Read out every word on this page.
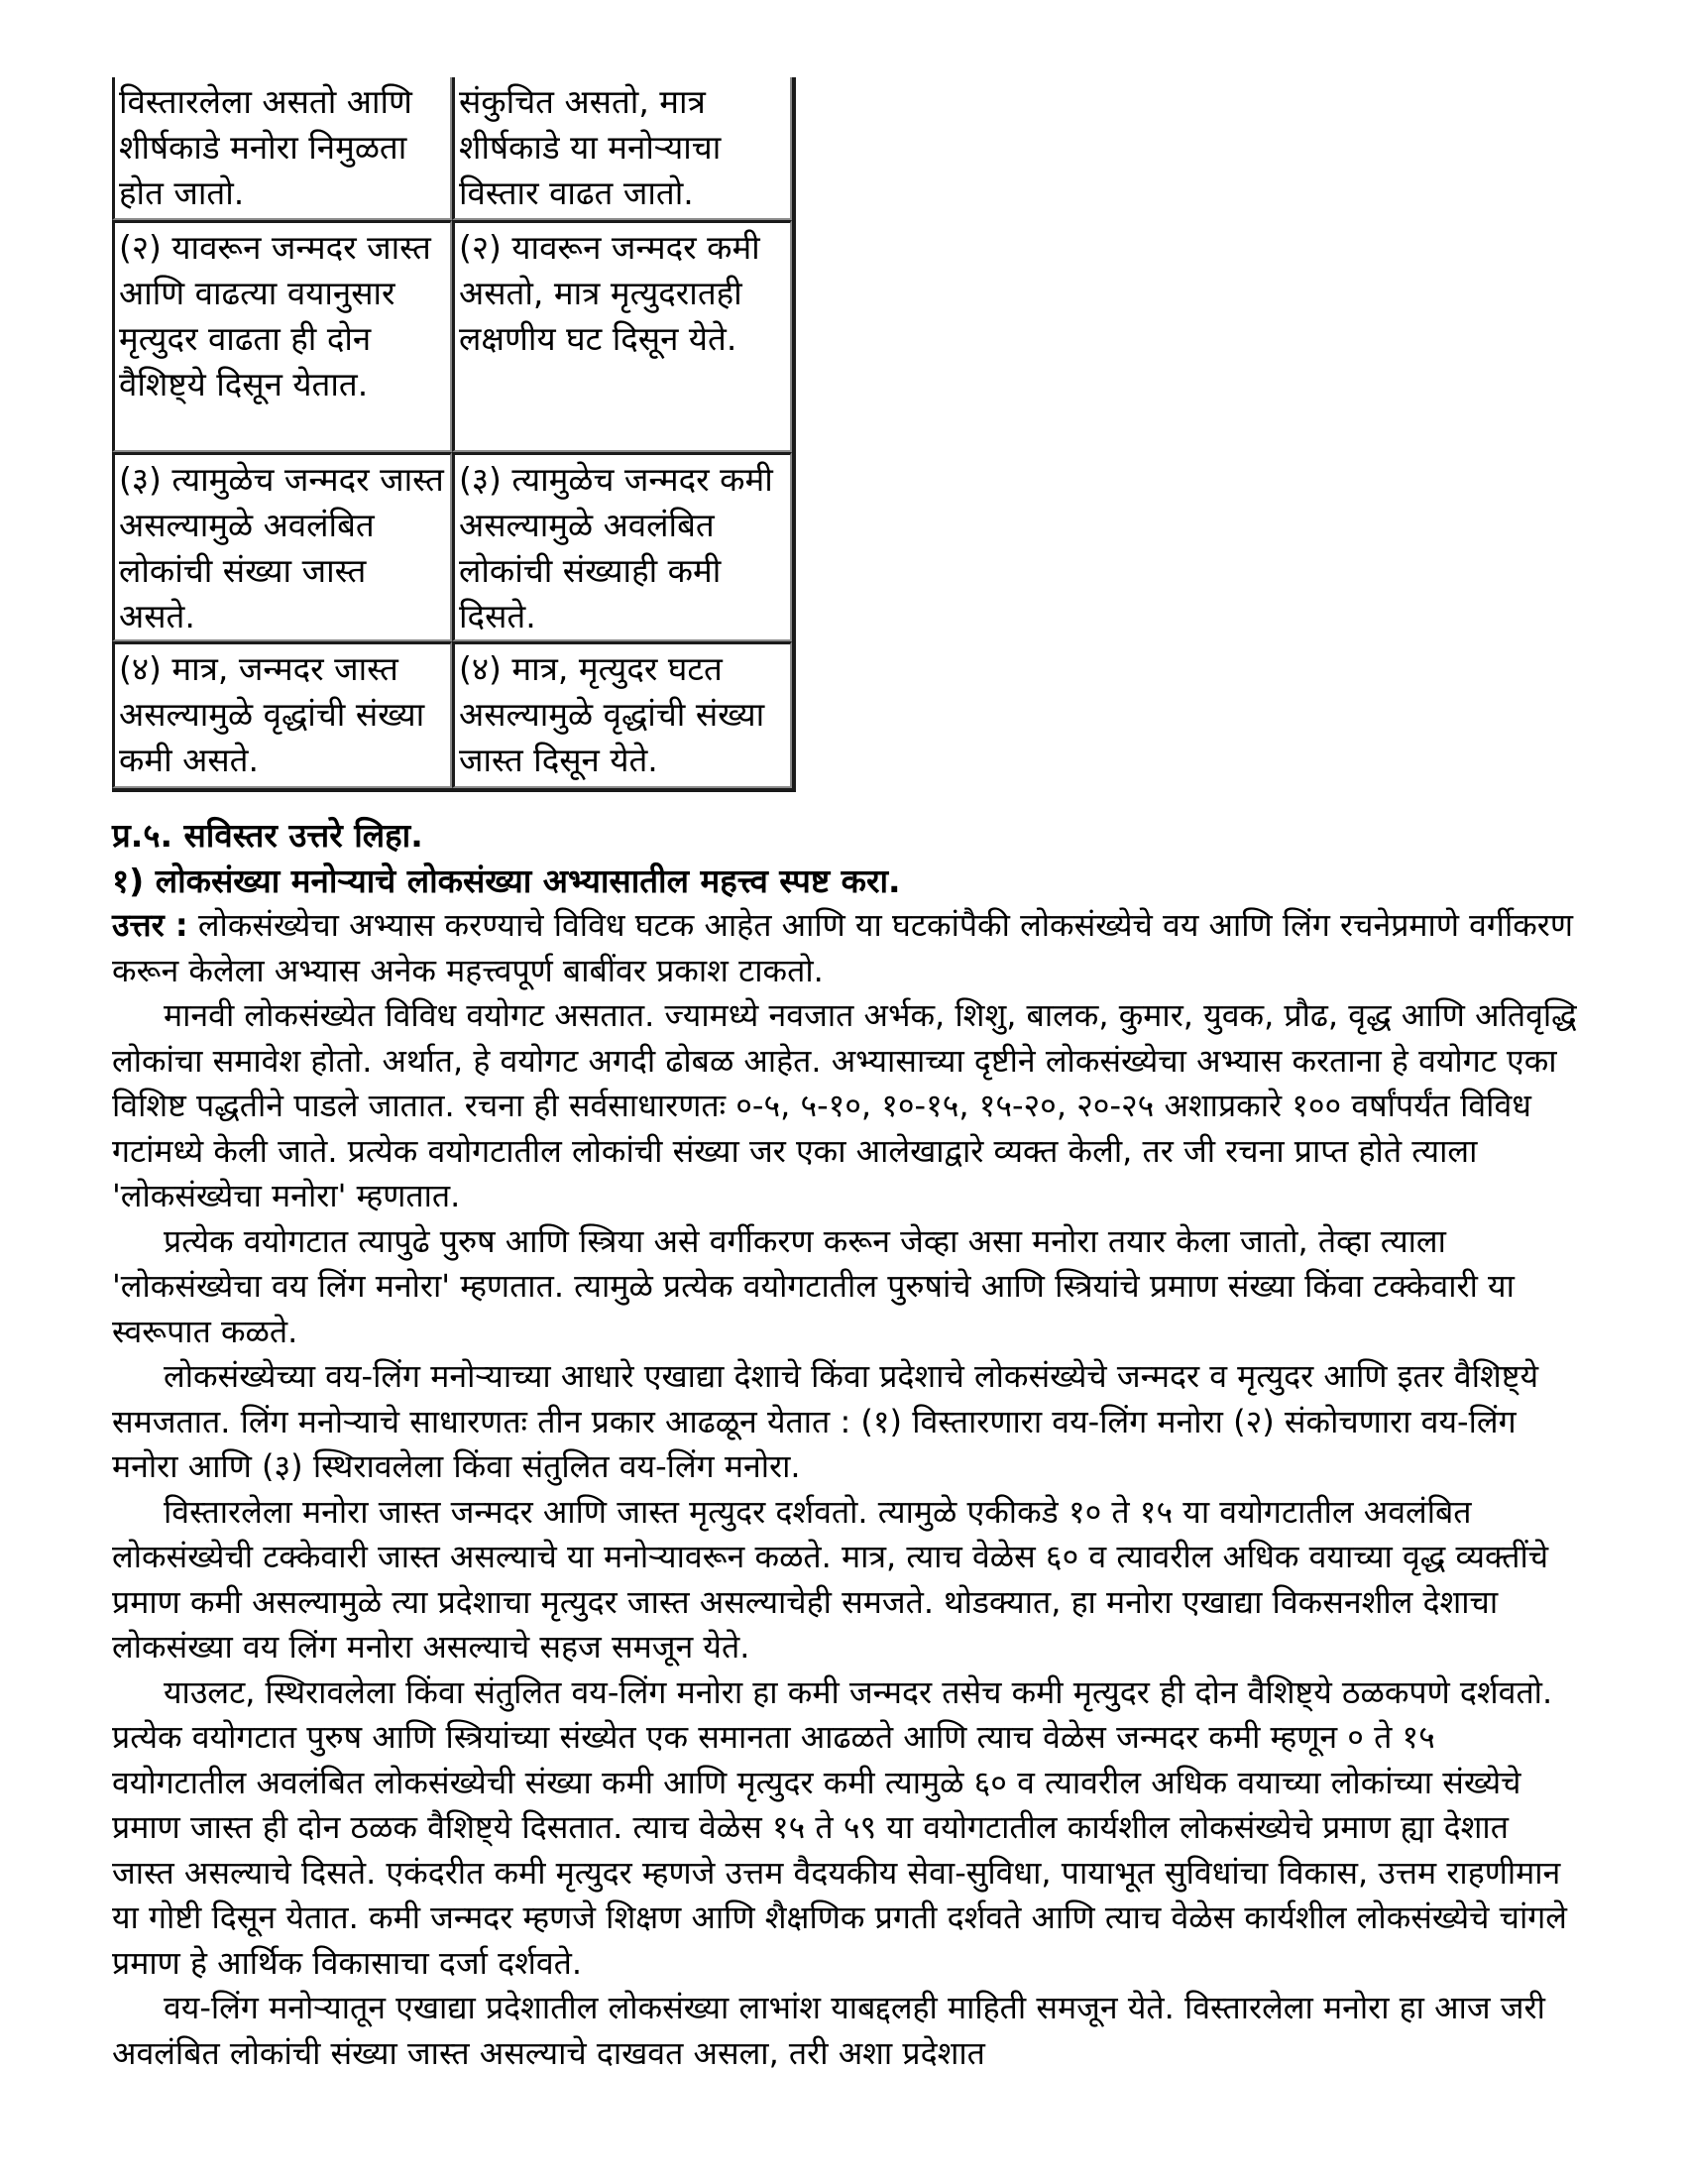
विस्तारलेला असतो आणि शीर्षकाडे मनोरा निमुळता होत जातो.	संकुचित असतो, मात्र शीर्षकाडे या मनोऱ्याचा विस्तार वाढत जातो.
(२) यावरून जन्मदर जास्त आणि वाढत्या वयानुसार मृत्युदर वाढता ही दोन वैशिष्ट्ये दिसून येतात.	(२) यावरून जन्मदर कमी असतो, मात्र मृत्युदरातही लक्षणीय घट दिसून येते.
(३) त्यामुळेच जन्मदर जास्त असल्यामुळे अवलंबित लोकांची संख्या जास्त असते.	(३) त्यामुळेच जन्मदर कमी असल्यामुळे अवलंबित लोकांची संख्याही कमी दिसते.
(४) मात्र, जन्मदर जास्त असल्यामुळे वृद्धांची संख्या कमी असते.	(४) मात्र, मृत्युदर घटत असल्यामुळे वृद्धांची संख्या जास्त दिसून येते.

प्र.५. सविस्तर उत्तरे लिहा.

१) लोकसंख्या मनोऱ्याचे लोकसंख्या अभ्यासातील महत्त्व स्पष्ट करा.

उत्तर : लोकसंख्येचा अभ्यास करण्याचे विविध घटक आहेत आणि या घटकांपैकी लोकसंख्येचे वय आणि लिंग रचनेप्रमाणे वर्गीकरण करून केलेला अभ्यास अनेक महत्त्वपूर्ण बाबींवर प्रकाश टाकतो.

मानवी लोकसंख्येत विविध वयोगट असतात. ज्यामध्ये नवजात अर्भक, शिशु, बालक, कुमार, युवक, प्रौढ, वृद्ध आणि अतिवृद्धि लोकांचा समावेश होतो. अर्थात, हे वयोगट अगदी ढोबळ आहेत. अभ्यासाच्या दृष्टीने लोकसंख्येचा अभ्यास करताना हे वयोगट एका विशिष्ट पद्धतीने पाडले जातात. रचना ही सर्वसाधारणतः ०-५, ५-१०, १०-१५, १५-२०, २०-२५ अशाप्रकारे १०० वर्षांपर्यंत विविध गटांमध्ये केली जाते. प्रत्येक वयोगटातील लोकांची संख्या जर एका आलेखाद्वारे व्यक्त केली, तर जी रचना प्राप्त होते त्याला 'लोकसंख्येचा मनोरा' म्हणतात.

प्रत्येक वयोगटात त्यापुढे पुरुष आणि स्त्रिया असे वर्गीकरण करून जेव्हा असा मनोरा तयार केला जातो, तेव्हा त्याला 'लोकसंख्येचा वय लिंग मनोरा' म्हणतात. त्यामुळे प्रत्येक वयोगटातील पुरुषांचे आणि स्त्रियांचे प्रमाण संख्या किंवा टक्केवारी या स्वरूपात कळते.

लोकसंख्येच्या वय-लिंग मनोऱ्याच्या आधारे एखाद्या देशाचे किंवा प्रदेशाचे लोकसंख्येचे जन्मदर व मृत्युदर आणि इतर वैशिष्ट्ये समजतात. लिंग मनोऱ्याचे साधारणतः तीन प्रकार आढळून येतात : (१) विस्तारणारा वय-लिंग मनोरा (२) संकोचणारा वय-लिंग मनोरा आणि (३) स्थिरावलेला किंवा संतुलित वय-लिंग मनोरा.

विस्तारलेला मनोरा जास्त जन्मदर आणि जास्त मृत्युदर दर्शवतो. त्यामुळे एकीकडे १० ते १५ या वयोगटातील अवलंबित लोकसंख्येची टक्केवारी जास्त असल्याचे या मनोऱ्यावरून कळते. मात्र, त्याच वेळेस ६० व त्यावरील अधिक वयाच्या वृद्ध व्यक्तींचे प्रमाण कमी असल्यामुळे त्या प्रदेशाचा मृत्युदर जास्त असल्याचेही समजते. थोडक्यात, हा मनोरा एखाद्या विकसनशील देशाचा लोकसंख्या वय लिंग मनोरा असल्याचे सहज समजून येते.

याउलट, स्थिरावलेला किंवा संतुलित वय-लिंग मनोरा हा कमी जन्मदर तसेच कमी मृत्युदर ही दोन वैशिष्ट्ये ठळकपणे दर्शवतो. प्रत्येक वयोगटात पुरुष आणि स्त्रियांच्या संख्येत एक समानता आढळते आणि त्याच वेळेस जन्मदर कमी म्हणून ० ते १५ वयोगटातील अवलंबित लोकसंख्येची संख्या कमी आणि मृत्युदर कमी त्यामुळे ६० व त्यावरील अधिक वयाच्या लोकांच्या संख्येचे प्रमाण जास्त ही दोन ठळक वैशिष्ट्ये दिसतात. त्याच वेळेस १५ ते ५९ या वयोगटातील कार्यशील लोकसंख्येचे प्रमाण ह्या देशात जास्त असल्याचे दिसते. एकंदरीत कमी मृत्युदर म्हणजे उत्तम वैदयकीय सेवा-सुविधा, पायाभूत सुविधांचा विकास, उत्तम राहणीमान या गोष्टी दिसून येतात. कमी जन्मदर म्हणजे शिक्षण आणि शैक्षणिक प्रगती दर्शवते आणि त्याच वेळेस कार्यशील लोकसंख्येचे चांगले प्रमाण हे आर्थिक विकासाचा दर्जा दर्शवते.

वय-लिंग मनोऱ्यातून एखाद्या प्रदेशातील लोकसंख्या लाभांश याबद्दलही माहिती समजून येते. विस्तारलेला मनोरा हा आज जरी अवलंबित लोकांची संख्या जास्त असल्याचे दाखवत असला, तरी अशा प्रदेशात
